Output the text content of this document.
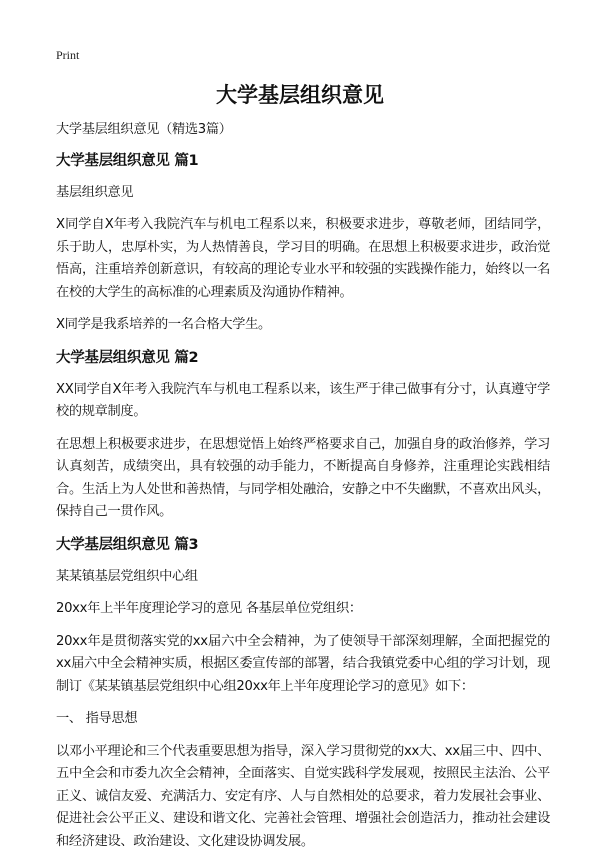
Print
大学基层组织意见

大学基层组织意见（精选3篇）

大学基层组织意见 篇1

基层组织意见

X同学自X年考入我院汽车与机电工程系以来，积极要求进步，尊敬老师，团结同学，乐于助人，忠厚朴实，为人热情善良，学习目的明确。在思想上积极要求进步，政治觉悟高，注重培养创新意识，有较高的理论专业水平和较强的实践操作能力，始终以一名在校的大学生的高标准的心理素质及沟通协作精神。

X同学是我系培养的一名合格大学生。

大学基层组织意见 篇2

XX同学自X年考入我院汽车与机电工程系以来，该生严于律己做事有分寸，认真遵守学校的规章制度。

在思想上积极要求进步，在思想觉悟上始终严格要求自己，加强自身的政治修养，学习认真刻苦，成绩突出，具有较强的动手能力，不断提高自身修养，注重理论实践相结合。生活上为人处世和善热情，与同学相处融洽，安静之中不失幽默，不喜欢出风头，保持自己一贯作风。

大学基层组织意见 篇3

某某镇基层党组织中心组

20xx年上半年度理论学习的意见 各基层单位党组织：

20xx年是贯彻落实党的xx届六中全会精神，为了使领导干部深刻理解，全面把握党的xx届六中全会精神实质，根据区委宣传部的部署，结合我镇党委中心组的学习计划，现制订《某某镇基层党组织中心组20xx年上半年度理论学习的意见》如下：

一、 指导思想

以邓小平理论和三个代表重要思想为指导，深入学习贯彻党的xx大、xx届三中、四中、五中全会和市委九次全会精神，全面落实、自觉实践科学发展观，按照民主法治、公平正义、诚信友爱、充满活力、安定有序、人与自然相处的总要求，着力发展社会事业、促进社会公平正义、建设和谐文化、完善社会管理、增强社会创造活力，推动社会建设和经济建设、政治建设、文化建设协调发展。
